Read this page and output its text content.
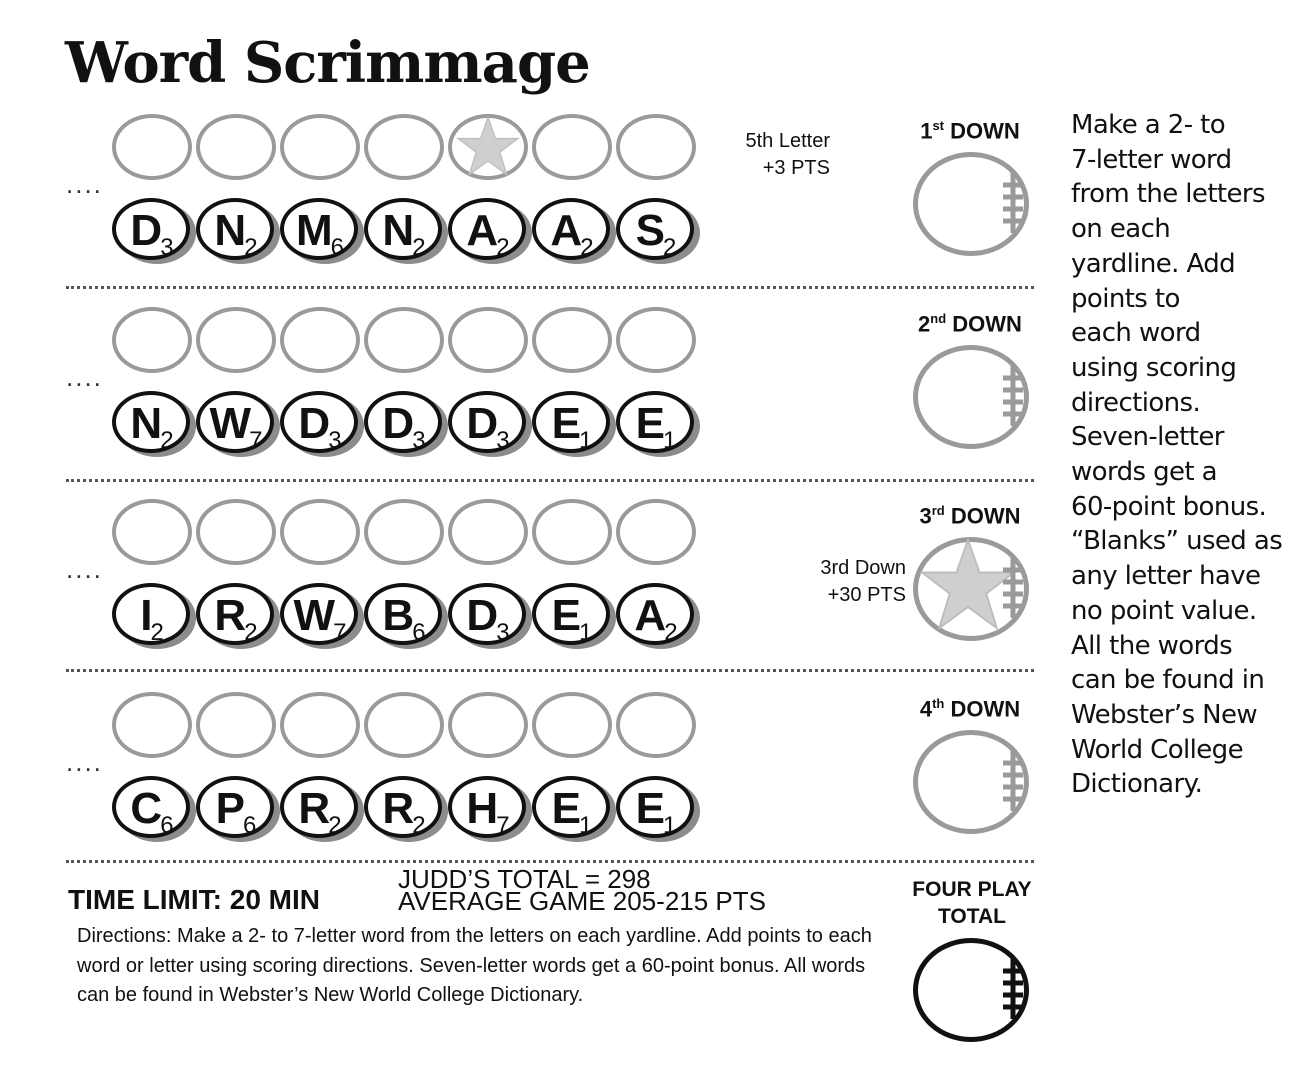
Word Scrimmage
....
D3 N2 M6 N2 A2 A2	S2
1st DOWN
5th Letter
+3 PTS
....
N2 W7 D3 D3 D3	E1	E1
2nd DOWN
....
I2	R2 W7 B6 D3	E1	A2
3rd DOWN
3rd Down
+30 PTS
....
C6	P6	R2 R2 H7	E1	E1
4th DOWN
Make a 2- to
7-letter word
from the letters
on each
yardline. Add
points to
each word
using scoring
directions.
Seven-letter
words get a
60-point bonus.
“Blanks” used as
any letter have
no point value.
All the words
can be found in
Webster’s New
World College
Dictionary.
TIME LIMIT: 20 MIN
JUDD’S TOTAL = 298
AVERAGE GAME 205-215 PTS
Directions: Make a 2- to 7-letter word from the letters on each yardline. Add points to each word or letter using scoring directions. Seven-letter words get a 60-point bonus. All words can be found in Webster’s New World College Dictionary.
FOUR PLAY
TOTAL
